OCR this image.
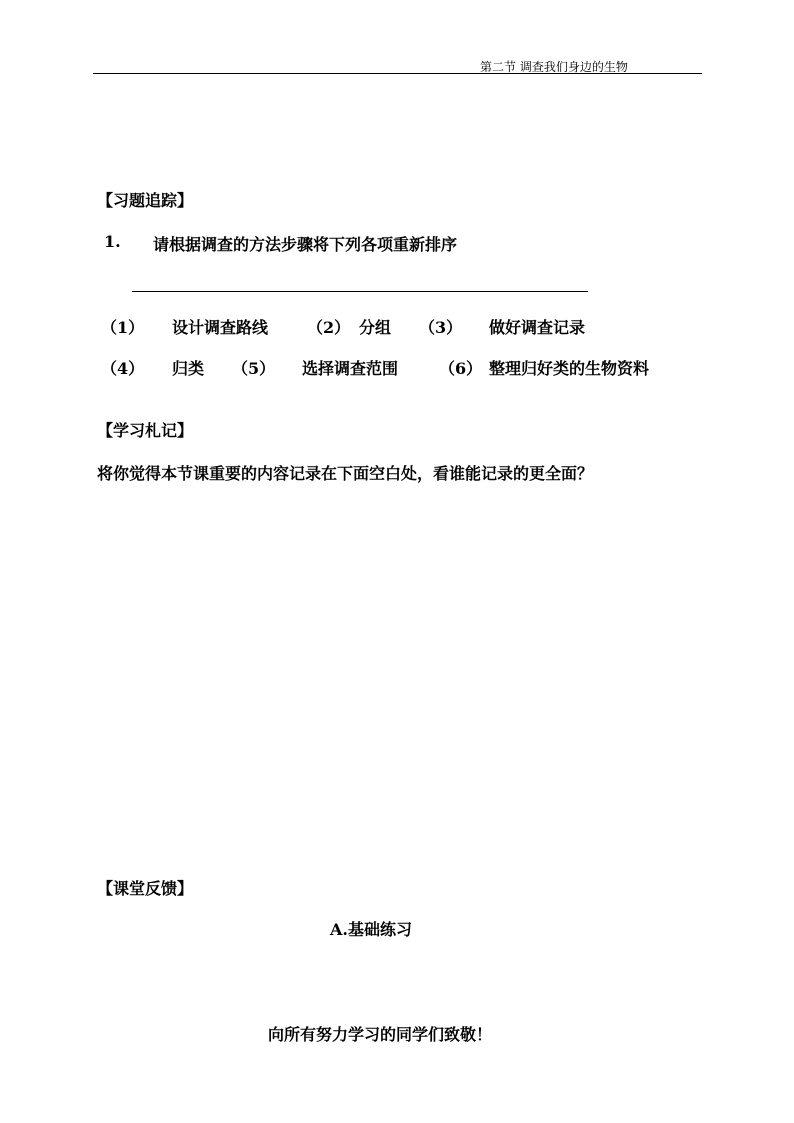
第二节 调查我们身边的生物
【习题追踪】
1. 请根据调查的方法步骤将下列各项重新排序
（1） 设计调查路线 （2） 分组 （3） 做好调查记录
（4） 归类 （5） 选择调查范围	（6） 整理归好类的生物资料
【学习札记】
将你觉得本节课重要的内容记录在下面空白处，看谁能记录的更全面？
【课堂反馈】
A.基础练习
向所有努力学习的同学们致敬！
